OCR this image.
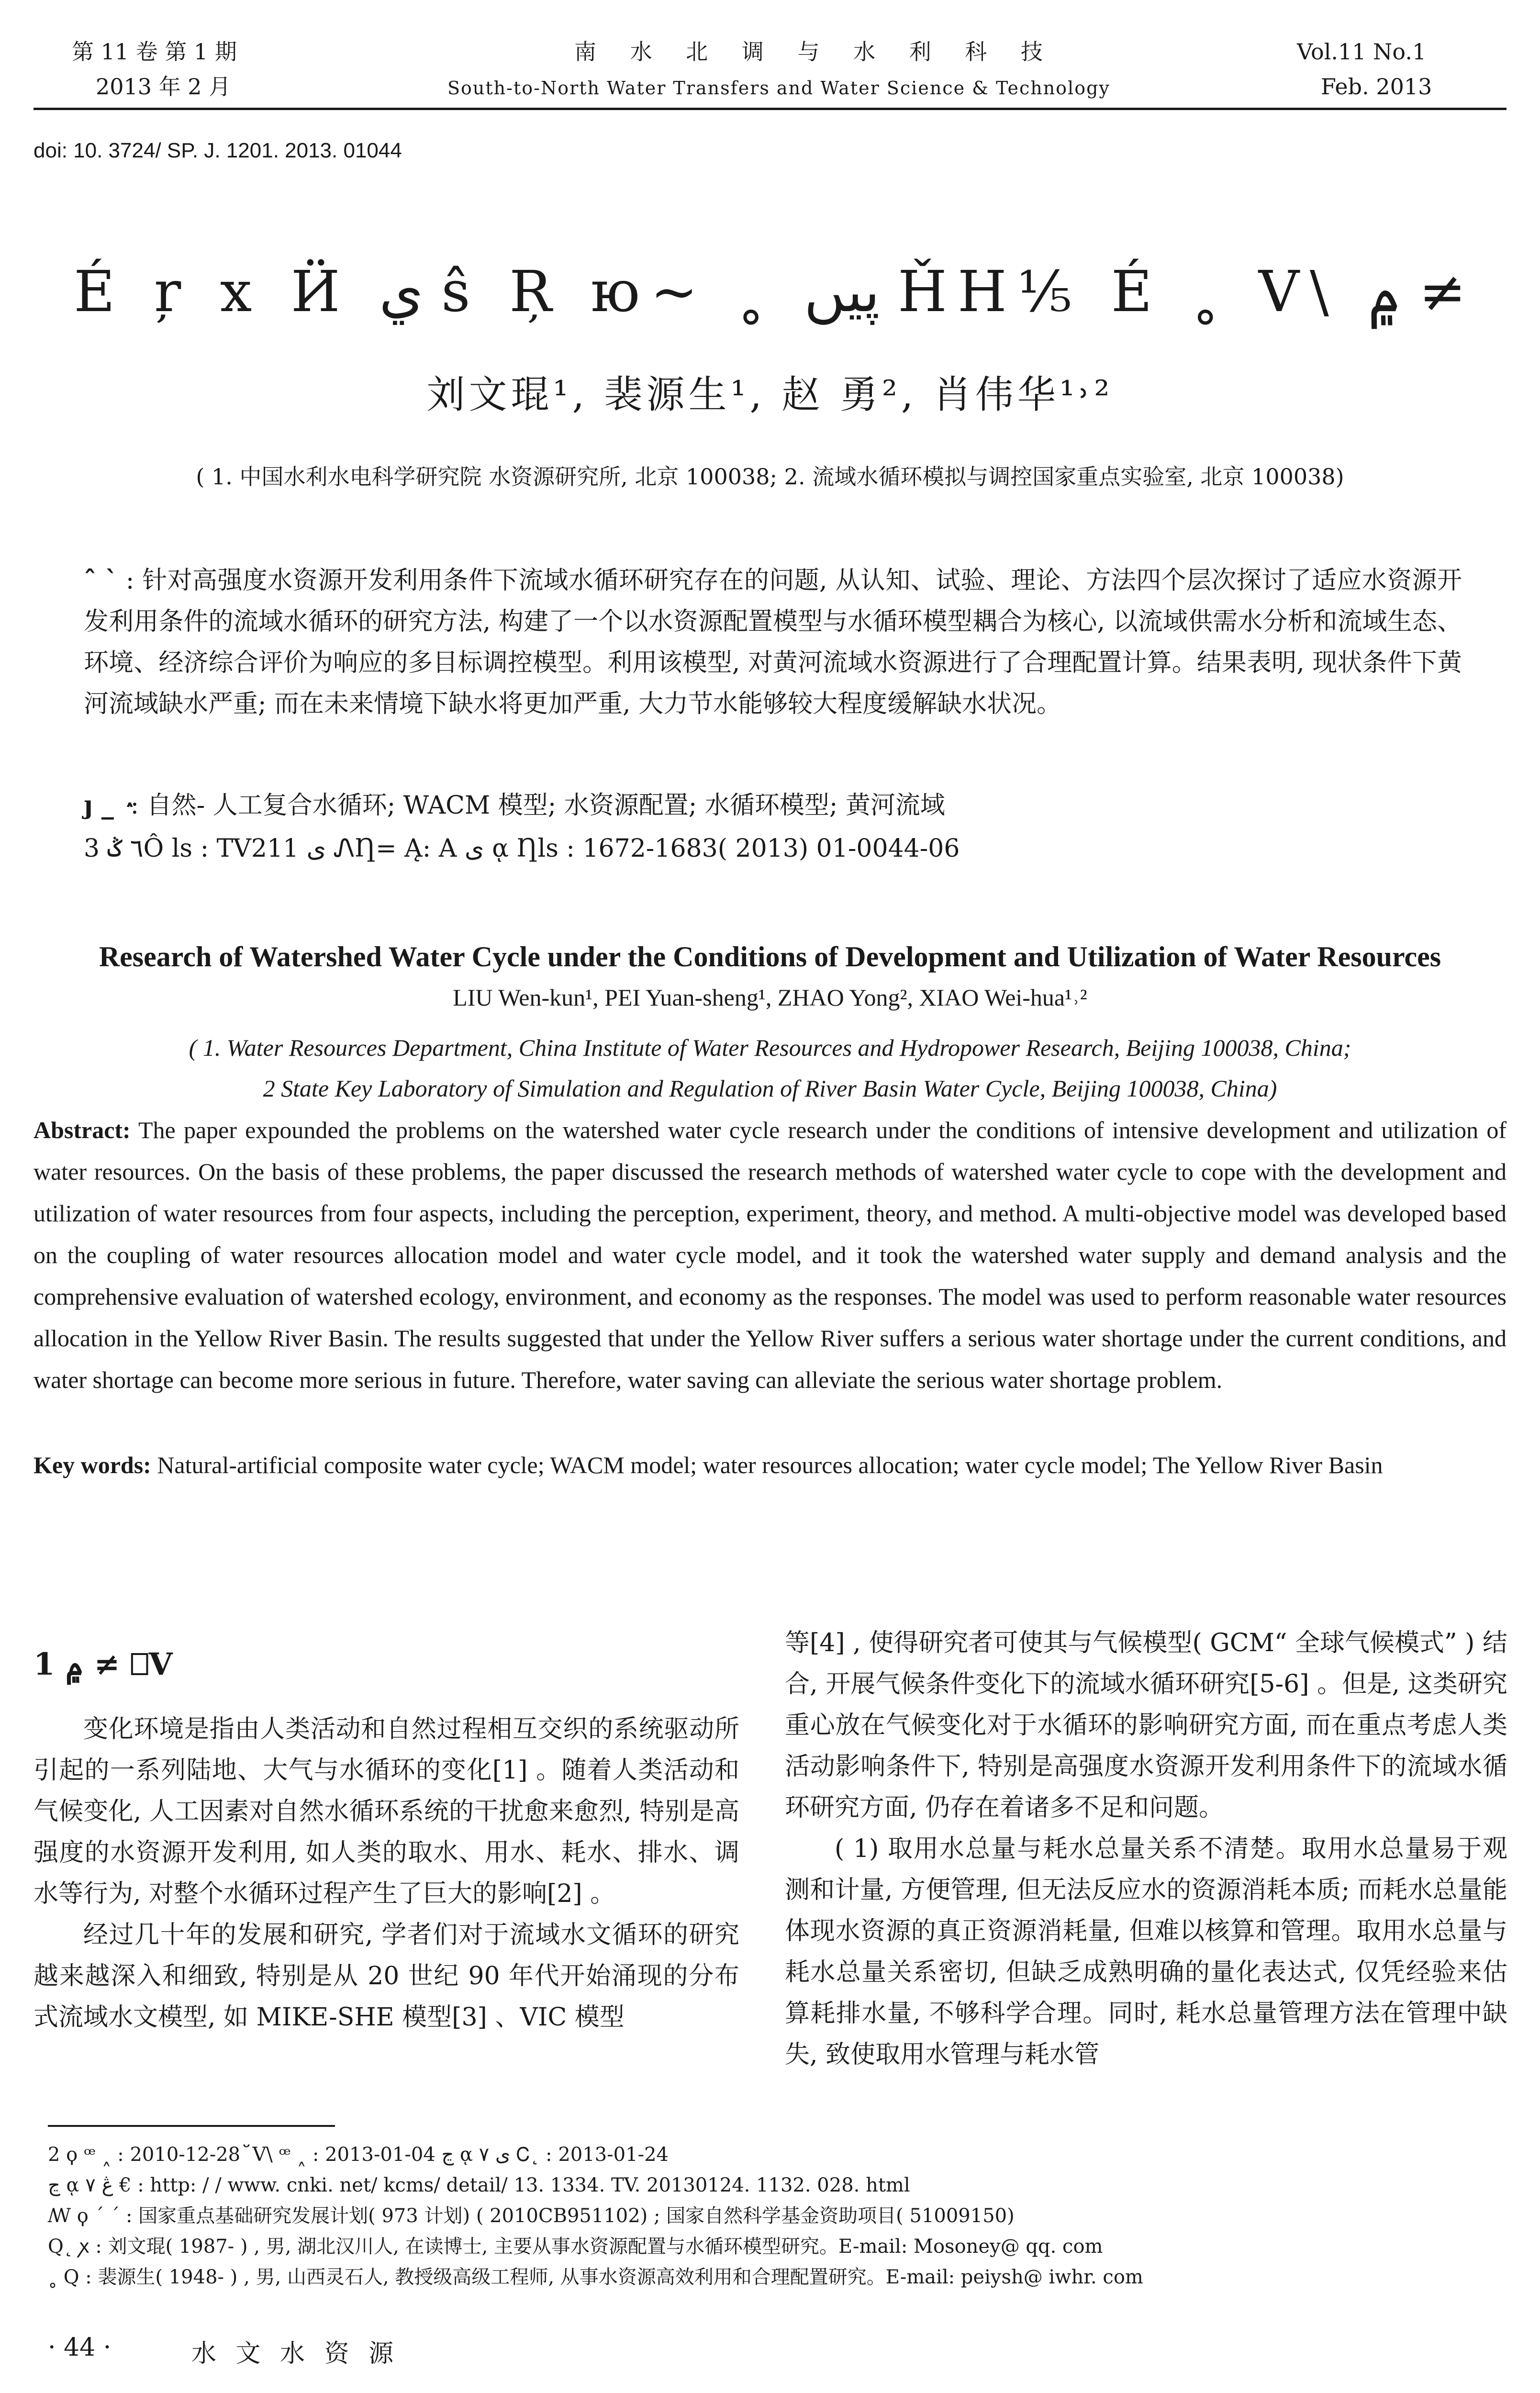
第 11 卷 第 1 期
2013 年 2 月
南 水 北 调 与 水 利 科 技
South-to-North Water Transfers and Water Science & Technology
Vol.11 No.1
Feb. 2013
doi: 10. 3724/ SP. J. 1201. 2013. 01044
É ŗ x Ӥ ي ŝ Ŗ ю~ ˳ پیں ȞH⅕ É ˳ V\ ۾ ≠
刘文琨¹, 裴源生¹, 赵 勇², 肖伟华¹˒²
( 1. 中国水利水电科学研究院 水资源研究所, 北京 100038; 2. 流域水循环模拟与调控国家重点实验室, 北京 100038)
ˆ ˋ : 针对高强度水资源开发利用条件下流域水循环研究存在的问题, 从认知、试验、理论、方法四个层次探讨了适应水资源开发利用条件的流域水循环的研究方法, 构建了一个以水资源配置模型与水循环模型耦合为核心, 以流域供需水分析和流域生态、环境、经济综合评价为响应的多目标调控模型。利用该模型, 对黄河流域水资源进行了合理配置计算。结果表明, 现状条件下黄河流域缺水严重; 而在未来情境下缺水将更加严重, 大力节水能够较大程度缓解缺水状况。
ȷ _ ٛ : 自然- 人工复合水循环; WACM 模型; 水资源配置; 水循环模型; 黄河流域
3 ٦ ݣÔ ls : TV211 ى ᏁȠ= Ą: A ى ᾳ Ƞls : 1672-1683( 2013) 01-0044-06
Research of Watershed Water Cycle under the Conditions of Development and Utilization of Water Resources
LIU Wen-kun¹, PEI Yuan-sheng¹, ZHAO Yong², XIAO Wei-hua¹˒²
( 1. Water Resources Department, China Institute of Water Resources and Hydropower Research, Beijing 100038, China;
2 State Key Laboratory of Simulation and Regulation of River Basin Water Cycle, Beijing 100038, China)
Abstract: The paper expounded the problems on the watershed water cycle research under the conditions of intensive development and utilization of water resources. On the basis of these problems, the paper discussed the research methods of watershed water cycle to cope with the development and utilization of water resources from four aspects, including the perception, experiment, theory, and method. A multi-objective model was developed based on the coupling of water resources allocation model and water cycle model, and it took the watershed water supply and demand analysis and the comprehensive evaluation of watershed ecology, environment, and economy as the responses. The model was used to perform reasonable water resources allocation in the Yellow River Basin. The results suggested that under the Yellow River suffers a serious water shortage under the current conditions, and water shortage can become more serious in future. Therefore, water saving can alleviate the serious water shortage problem.
Key words: Natural-artificial composite water cycle; WACM model; water resources allocation; water cycle model; The Yellow River Basin
1 ۾ ≠ ⎕V

变化环境是指由人类活动和自然过程相互交织的系统驱动所引起的一系列陆地、大气与水循环的变化[1] 。随着人类活动和气候变化, 人工因素对自然水循环系统的干扰愈来愈烈, 特别是高强度的水资源开发利用, 如人类的取水、用水、耗水、排水、调水等行为, 对整个水循环过程产生了巨大的影响[2] 。

经过几十年的发展和研究, 学者们对于流域水文循环的研究越来越深入和细致, 特别是从 20 世纪 90 年代开始涌现的分布式流域水文模型, 如 MIKE-SHE 模型[3] 、VIC 模型

等[4] , 使得研究者可使其与气候模型( GCM“ 全球气候模式” ) 结合, 开展气候条件变化下的流域水循环研究[5-6] 。但是, 这类研究重心放在气候变化对于水循环的影响研究方面, 而在重点考虑人类活动影响条件下, 特别是高强度水资源开发利用条件下的流域水循环研究方面, 仍存在着诸多不足和问题。

( 1) 取用水总量与耗水总量关系不清楚。取用水总量易于观测和计量, 方便管理, 但无法反应水的资源消耗本质; 而耗水总量能体现水资源的真正资源消耗量, 但难以核算和管理。取用水总量与耗水总量关系密切, 但缺乏成熟明确的量化表达式, 仅凭经验来估算耗排水量, 不够科学合理。同时, 耗水总量管理方法在管理中缺失, 致使取用水管理与耗水管

2 ϙ ꟹ ˰ : 2010-12-28 ﬞ V\ ꟹ ˰ : 2013-01-04 ڃ ᾳ ۷ ى Ꮯ˛ : 2013-01-24
ڃ ᾳ ۷ ڠ € : http: / / www. cnki. net/ kcms/ detail/ 13. 1334. TV. 20130124. 1132. 028. html
ꟿ ϙ ˊ ˊ : 国家重点基础研究发展计划( 973 计划) ( 2010CB951102) ; 国家自然科学基金资助项目( 51009150)
Q˛ ꭗ : 刘文琨( 1987- ) , 男, 湖北汉川人, 在读博士, 主要从事水资源配置与水循环模型研究。E-mail: Mosoney@ qq. com
˳ Q : 裴源生( 1948- ) , 男, 山西灵石人, 教授级高级工程师, 从事水资源高效利用和合理配置研究。E-mail: peiysh@ iwhr. com
· 44 ·	水 文 水 资 源
